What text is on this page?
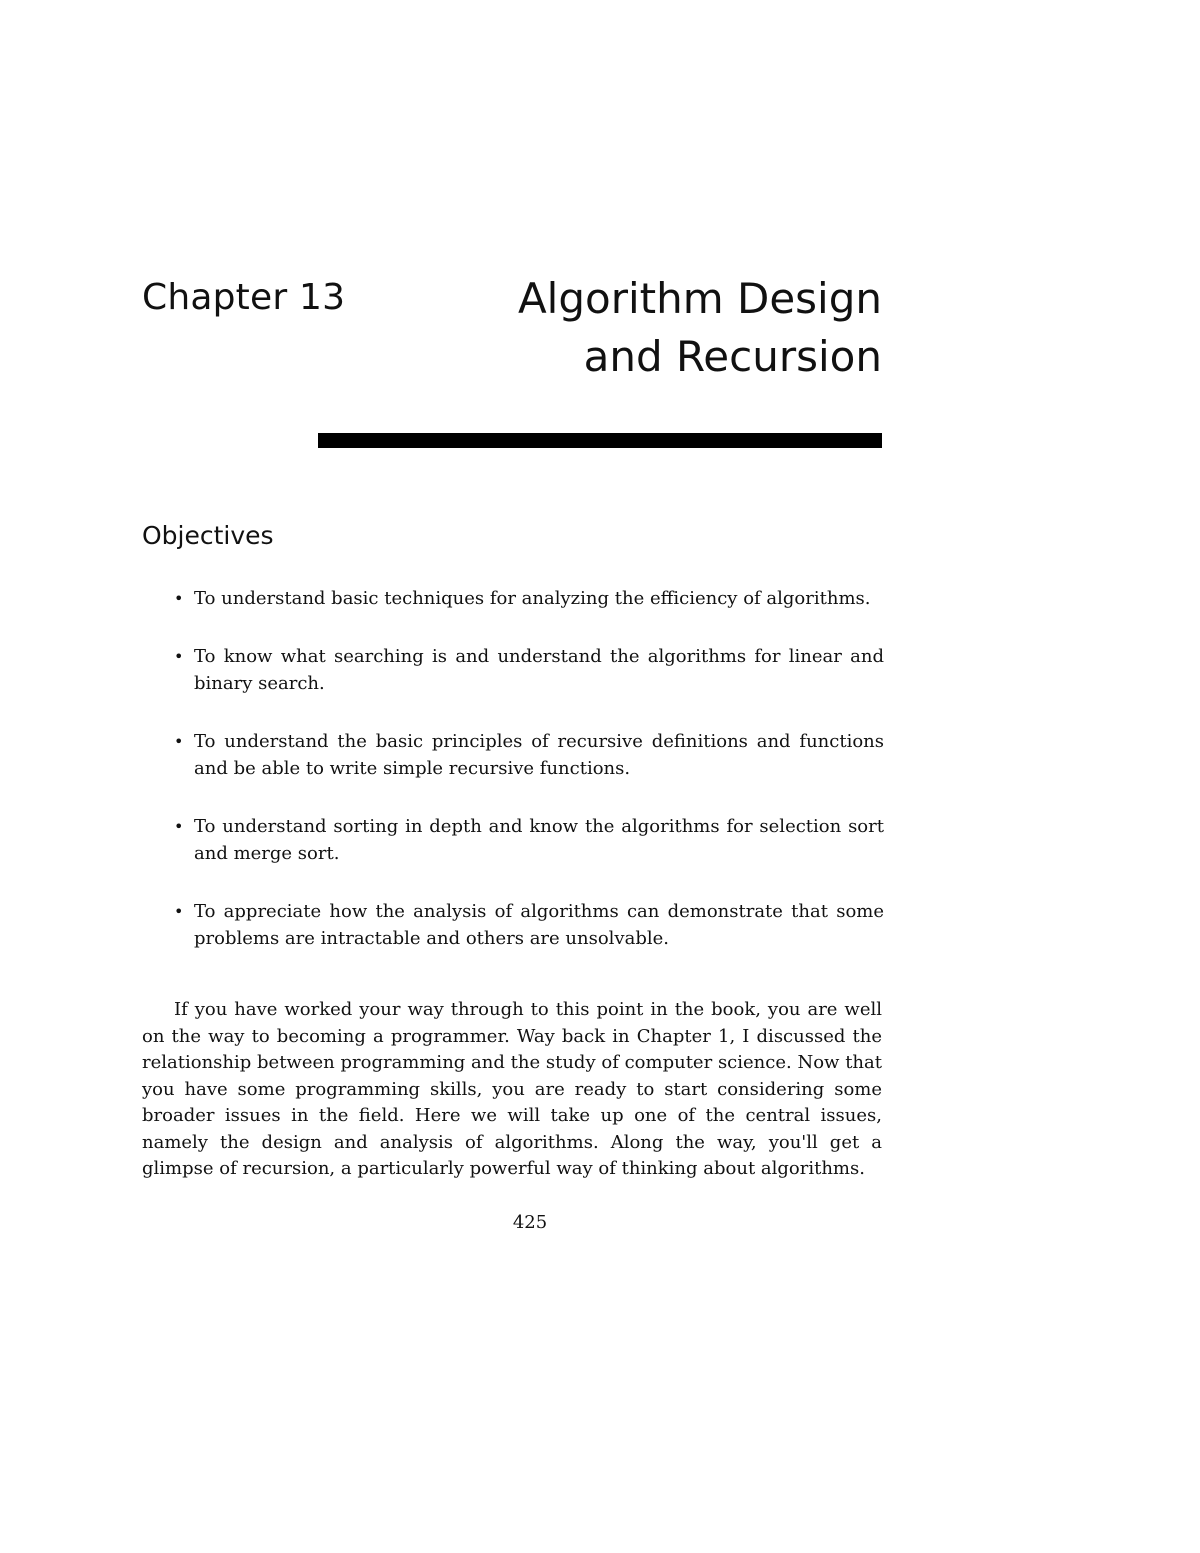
Chapter 13	Algorithm Design
and Recursion
Objectives
• To understand basic techniques for analyzing the efficiency of algorithms.
• To know what searching is and understand the algorithms for linear and binary search.
• To understand the basic principles of recursive definitions and functions and be able to write simple recursive functions.
• To understand sorting in depth and know the algorithms for selection sort and merge sort.
• To appreciate how the analysis of algorithms can demonstrate that some problems are intractable and others are unsolvable.

If you have worked your way through to this point in the book, you are well on the way to becoming a programmer. Way back in Chapter 1, I discussed the relationship between programming and the study of computer science. Now that you have some programming skills, you are ready to start considering some broader issues in the field. Here we will take up one of the central issues, namely the design and analysis of algorithms. Along the way, you'll get a glimpse of recursion, a particularly powerful way of thinking about algorithms.

425
